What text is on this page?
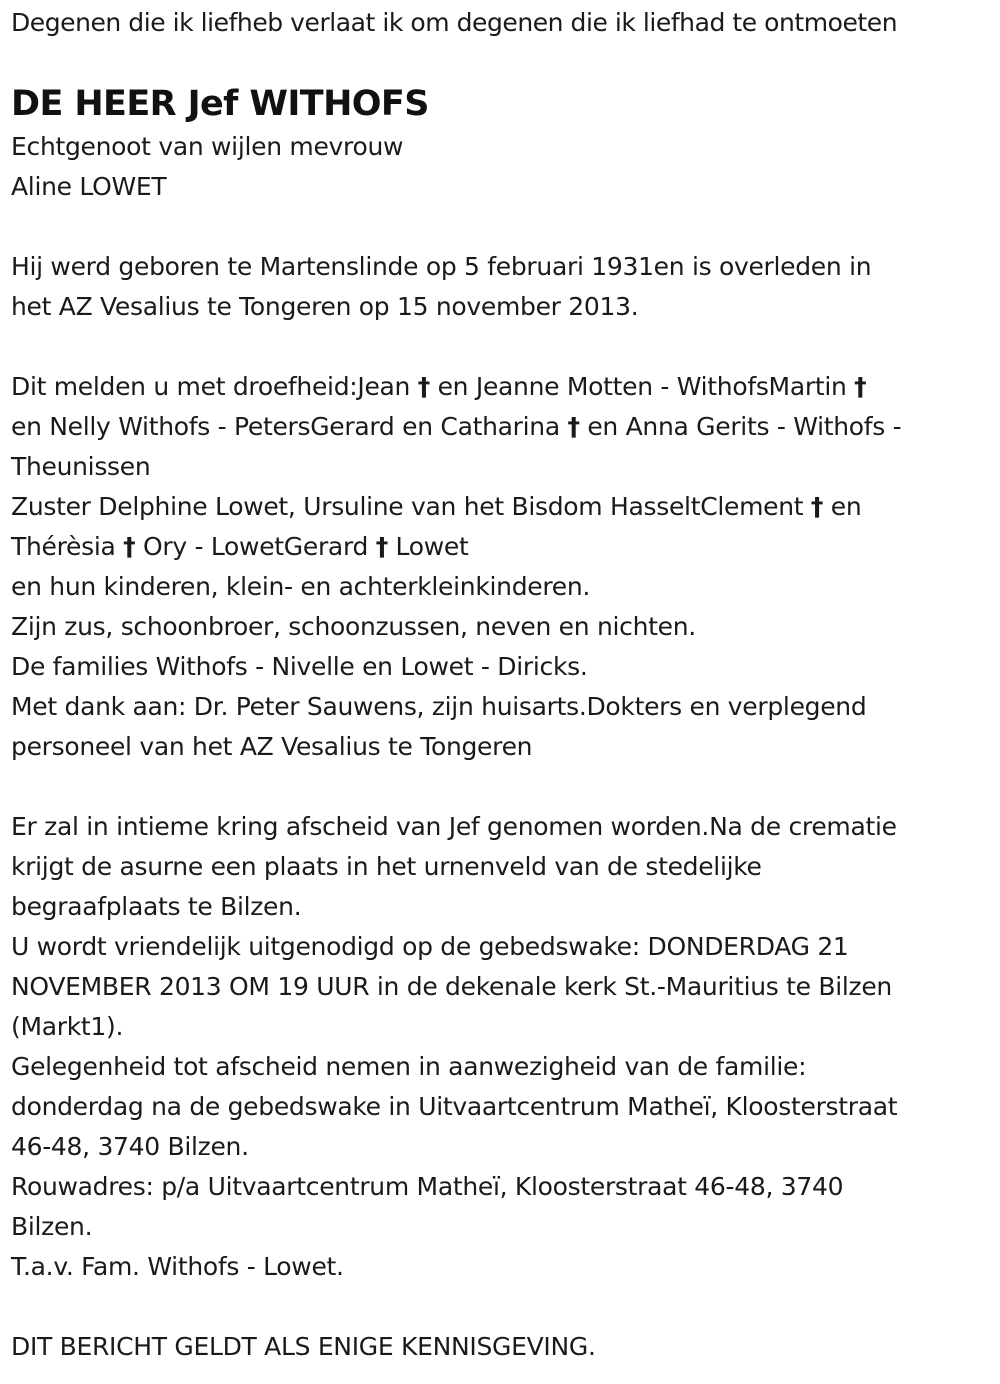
Degenen die ik liefheb verlaat ik om degenen die ik liefhad te ontmoeten
DE HEER Jef WITHOFS
Echtgenoot van wijlen mevrouw
Aline LOWET
Hij werd geboren te Martenslinde op 5 februari 1931en is overleden in
het AZ Vesalius te Tongeren op 15 november 2013.
Dit melden u met droefheid:Jean † en Jeanne Motten - WithofsMartin †
en Nelly Withofs - PetersGerard en Catharina † en Anna Gerits - Withofs -
Theunissen
Zuster Delphine Lowet, Ursuline van het Bisdom HasseltClement † en
Thérèsia † Ory - LowetGerard † Lowet
en hun kinderen, klein- en achterkleinkinderen.
Zijn zus, schoonbroer, schoonzussen, neven en nichten.
De families Withofs - Nivelle en Lowet - Diricks.
Met dank aan: Dr. Peter Sauwens, zijn huisarts.Dokters en verplegend
personeel van het AZ Vesalius te Tongeren
Er zal in intieme kring afscheid van Jef genomen worden.Na de crematie
krijgt de asurne een plaats in het urnenveld van de stedelijke
begraafplaats te Bilzen.
U wordt vriendelijk uitgenodigd op de gebedswake: DONDERDAG 21
NOVEMBER 2013 OM 19 UUR in de dekenale kerk St.-Mauritius te Bilzen
(Markt1).
Gelegenheid tot afscheid nemen in aanwezigheid van de familie:
donderdag na de gebedswake in Uitvaartcentrum Matheï, Kloosterstraat
46-48, 3740 Bilzen.
Rouwadres: p/a Uitvaartcentrum Matheï, Kloosterstraat 46-48, 3740
Bilzen.
T.a.v. Fam. Withofs - Lowet.
DIT BERICHT GELDT ALS ENIGE KENNISGEVING.
